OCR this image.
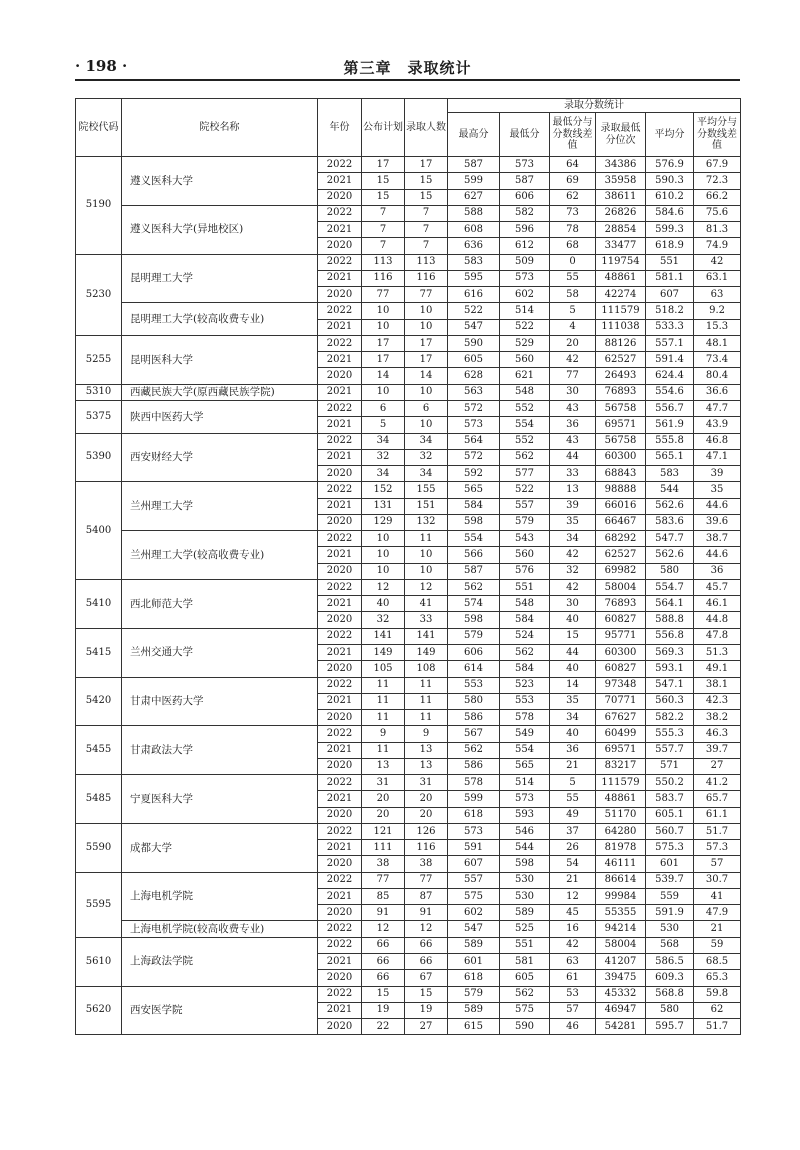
· 198 ·	第三章　录取统计
院校代码	院校名称	年份	公布计划	录取人数	录取分数统计					
					最高分	最低分	最低分与分数线差值	录取最低分位次	平均分	平均分与分数线差值
5190	遵义医科大学	2022	17	17	587	573	64	34386	576.9	67.9
		2021	15	15	599	587	69	35958	590.3	72.3
		2020	15	15	627	606	62	38611	610.2	66.2
	遵义医科大学(异地校区)	2022	7	7	588	582	73	26826	584.6	75.6
		2021	7	7	608	596	78	28854	599.3	81.3
		2020	7	7	636	612	68	33477	618.9	74.9
5230	昆明理工大学	2022	113	113	583	509	0	119754	551	42
		2021	116	116	595	573	55	48861	581.1	63.1
		2020	77	77	616	602	58	42274	607	63
	昆明理工大学(较高收费专业)	2022	10	10	522	514	5	111579	518.2	9.2
		2021	10	10	547	522	4	111038	533.3	15.3
5255	昆明医科大学	2022	17	17	590	529	20	88126	557.1	48.1
		2021	17	17	605	560	42	62527	591.4	73.4
		2020	14	14	628	621	77	26493	624.4	80.4
5310	西藏民族大学(原西藏民族学院)	2021	10	10	563	548	30	76893	554.6	36.6
5375	陕西中医药大学	2022	6	6	572	552	43	56758	556.7	47.7
		2021	5	10	573	554	36	69571	561.9	43.9
5390	西安财经大学	2022	34	34	564	552	43	56758	555.8	46.8
		2021	32	32	572	562	44	60300	565.1	47.1
		2020	34	34	592	577	33	68843	583	39
5400	兰州理工大学	2022	152	155	565	522	13	98888	544	35
		2021	131	151	584	557	39	66016	562.6	44.6
		2020	129	132	598	579	35	66467	583.6	39.6
	兰州理工大学(较高收费专业)	2022	10	11	554	543	34	68292	547.7	38.7
		2021	10	10	566	560	42	62527	562.6	44.6
		2020	10	10	587	576	32	69982	580	36
5410	西北师范大学	2022	12	12	562	551	42	58004	554.7	45.7
		2021	40	41	574	548	30	76893	564.1	46.1
		2020	32	33	598	584	40	60827	588.8	44.8
5415	兰州交通大学	2022	141	141	579	524	15	95771	556.8	47.8
		2021	149	149	606	562	44	60300	569.3	51.3
		2020	105	108	614	584	40	60827	593.1	49.1
5420	甘肃中医药大学	2022	11	11	553	523	14	97348	547.1	38.1
		2021	11	11	580	553	35	70771	560.3	42.3
		2020	11	11	586	578	34	67627	582.2	38.2
5455	甘肃政法大学	2022	9	9	567	549	40	60499	555.3	46.3
		2021	11	13	562	554	36	69571	557.7	39.7
		2020	13	13	586	565	21	83217	571	27
5485	宁夏医科大学	2022	31	31	578	514	5	111579	550.2	41.2
		2021	20	20	599	573	55	48861	583.7	65.7
		2020	20	20	618	593	49	51170	605.1	61.1
5590	成都大学	2022	121	126	573	546	37	64280	560.7	51.7
		2021	111	116	591	544	26	81978	575.3	57.3
		2020	38	38	607	598	54	46111	601	57
5595	上海电机学院	2022	77	77	557	530	21	86614	539.7	30.7
		2021	85	87	575	530	12	99984	559	41
		2020	91	91	602	589	45	55355	591.9	47.9
	上海电机学院(较高收费专业)	2022	12	12	547	525	16	94214	530	21
5610	上海政法学院	2022	66	66	589	551	42	58004	568	59
		2021	66	66	601	581	63	41207	586.5	68.5
		2020	66	67	618	605	61	39475	609.3	65.3
5620	西安医学院	2022	15	15	579	562	53	45332	568.8	59.8
		2021	19	19	589	575	57	46947	580	62
		2020	22	27	615	590	46	54281	595.7	51.7
